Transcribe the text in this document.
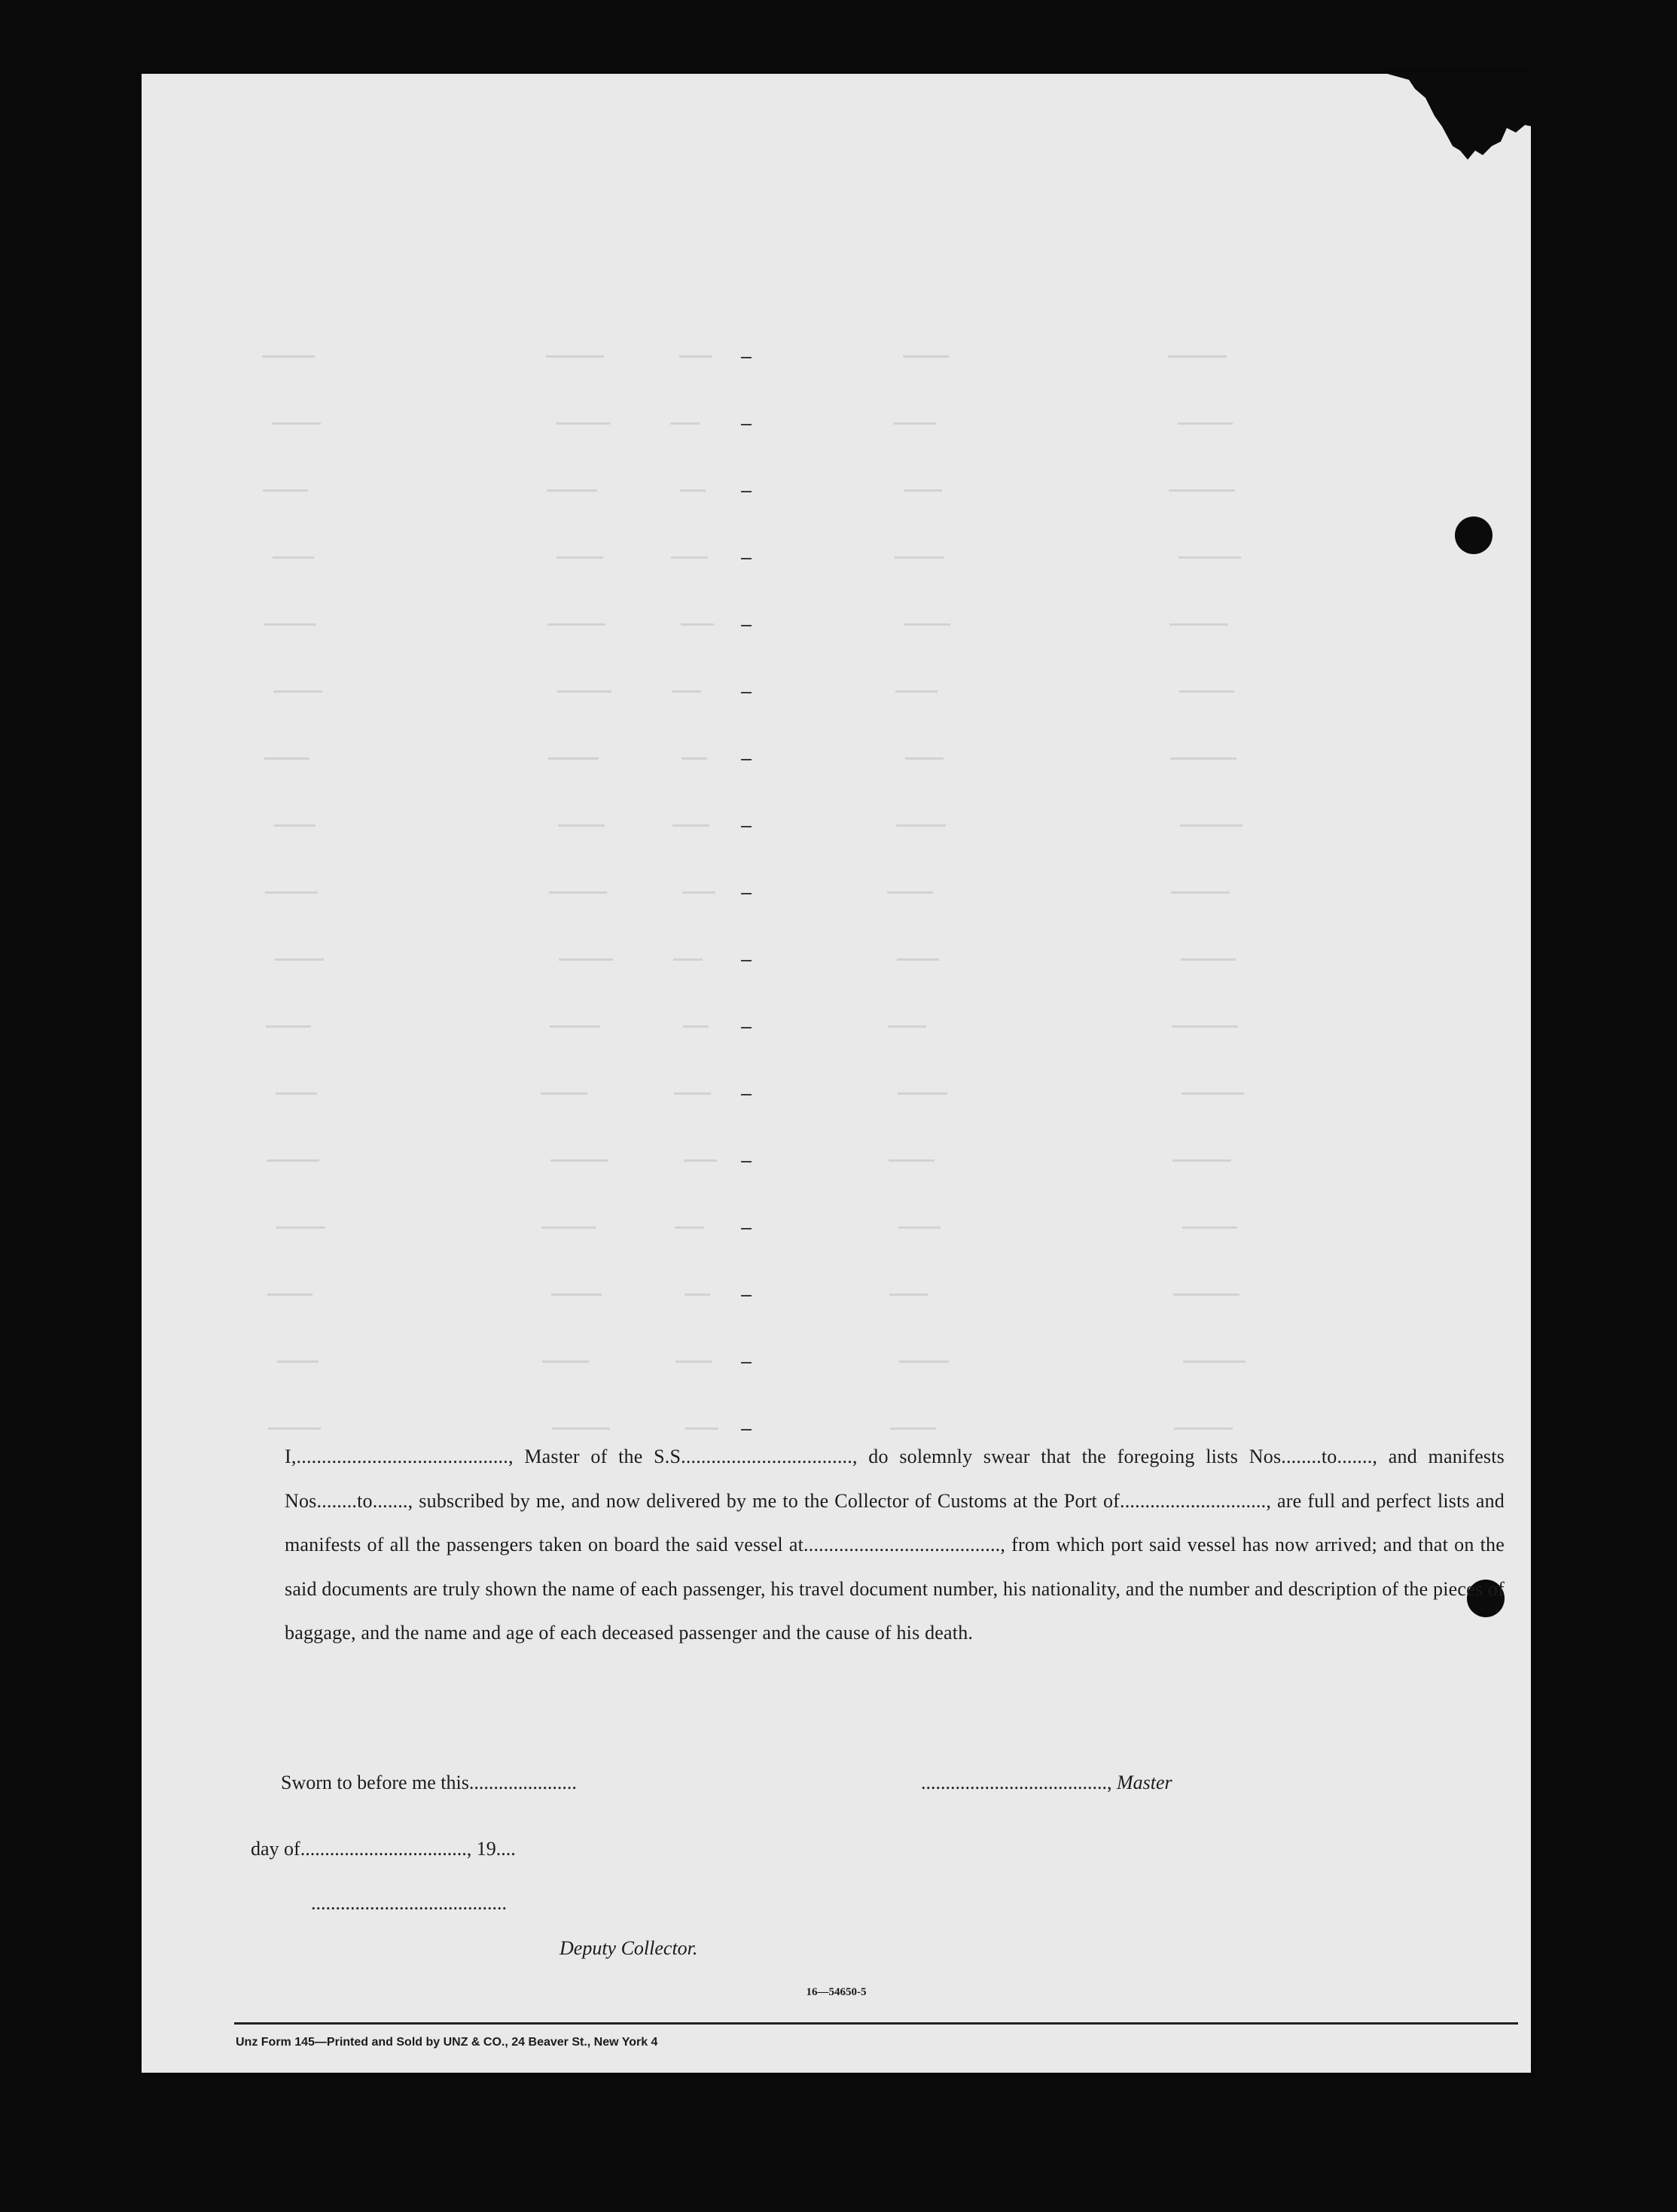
I,.........................................., Master of the S.S.................................., do solemnly swear that the foregoing lists Nos........to......., and manifests Nos........to......., subscribed by me, and now delivered by me to the Collector of Customs at the Port of............................., are full and perfect lists and manifests of all the passengers taken on board the said vessel at......................................., from which port said vessel has now arrived; and that on the said documents are truly shown the name of each passenger, his travel document number, his nationality, and the number and description of the pieces of baggage, and the name and age of each deceased passenger and the cause of his death.

Sworn to before me this......................	......................................, Master
day of.................................., 19....
........................................
Deputy Collector.
16—54650-5
Unz Form 145—Printed and Sold by UNZ & CO., 24 Beaver St., New York 4
